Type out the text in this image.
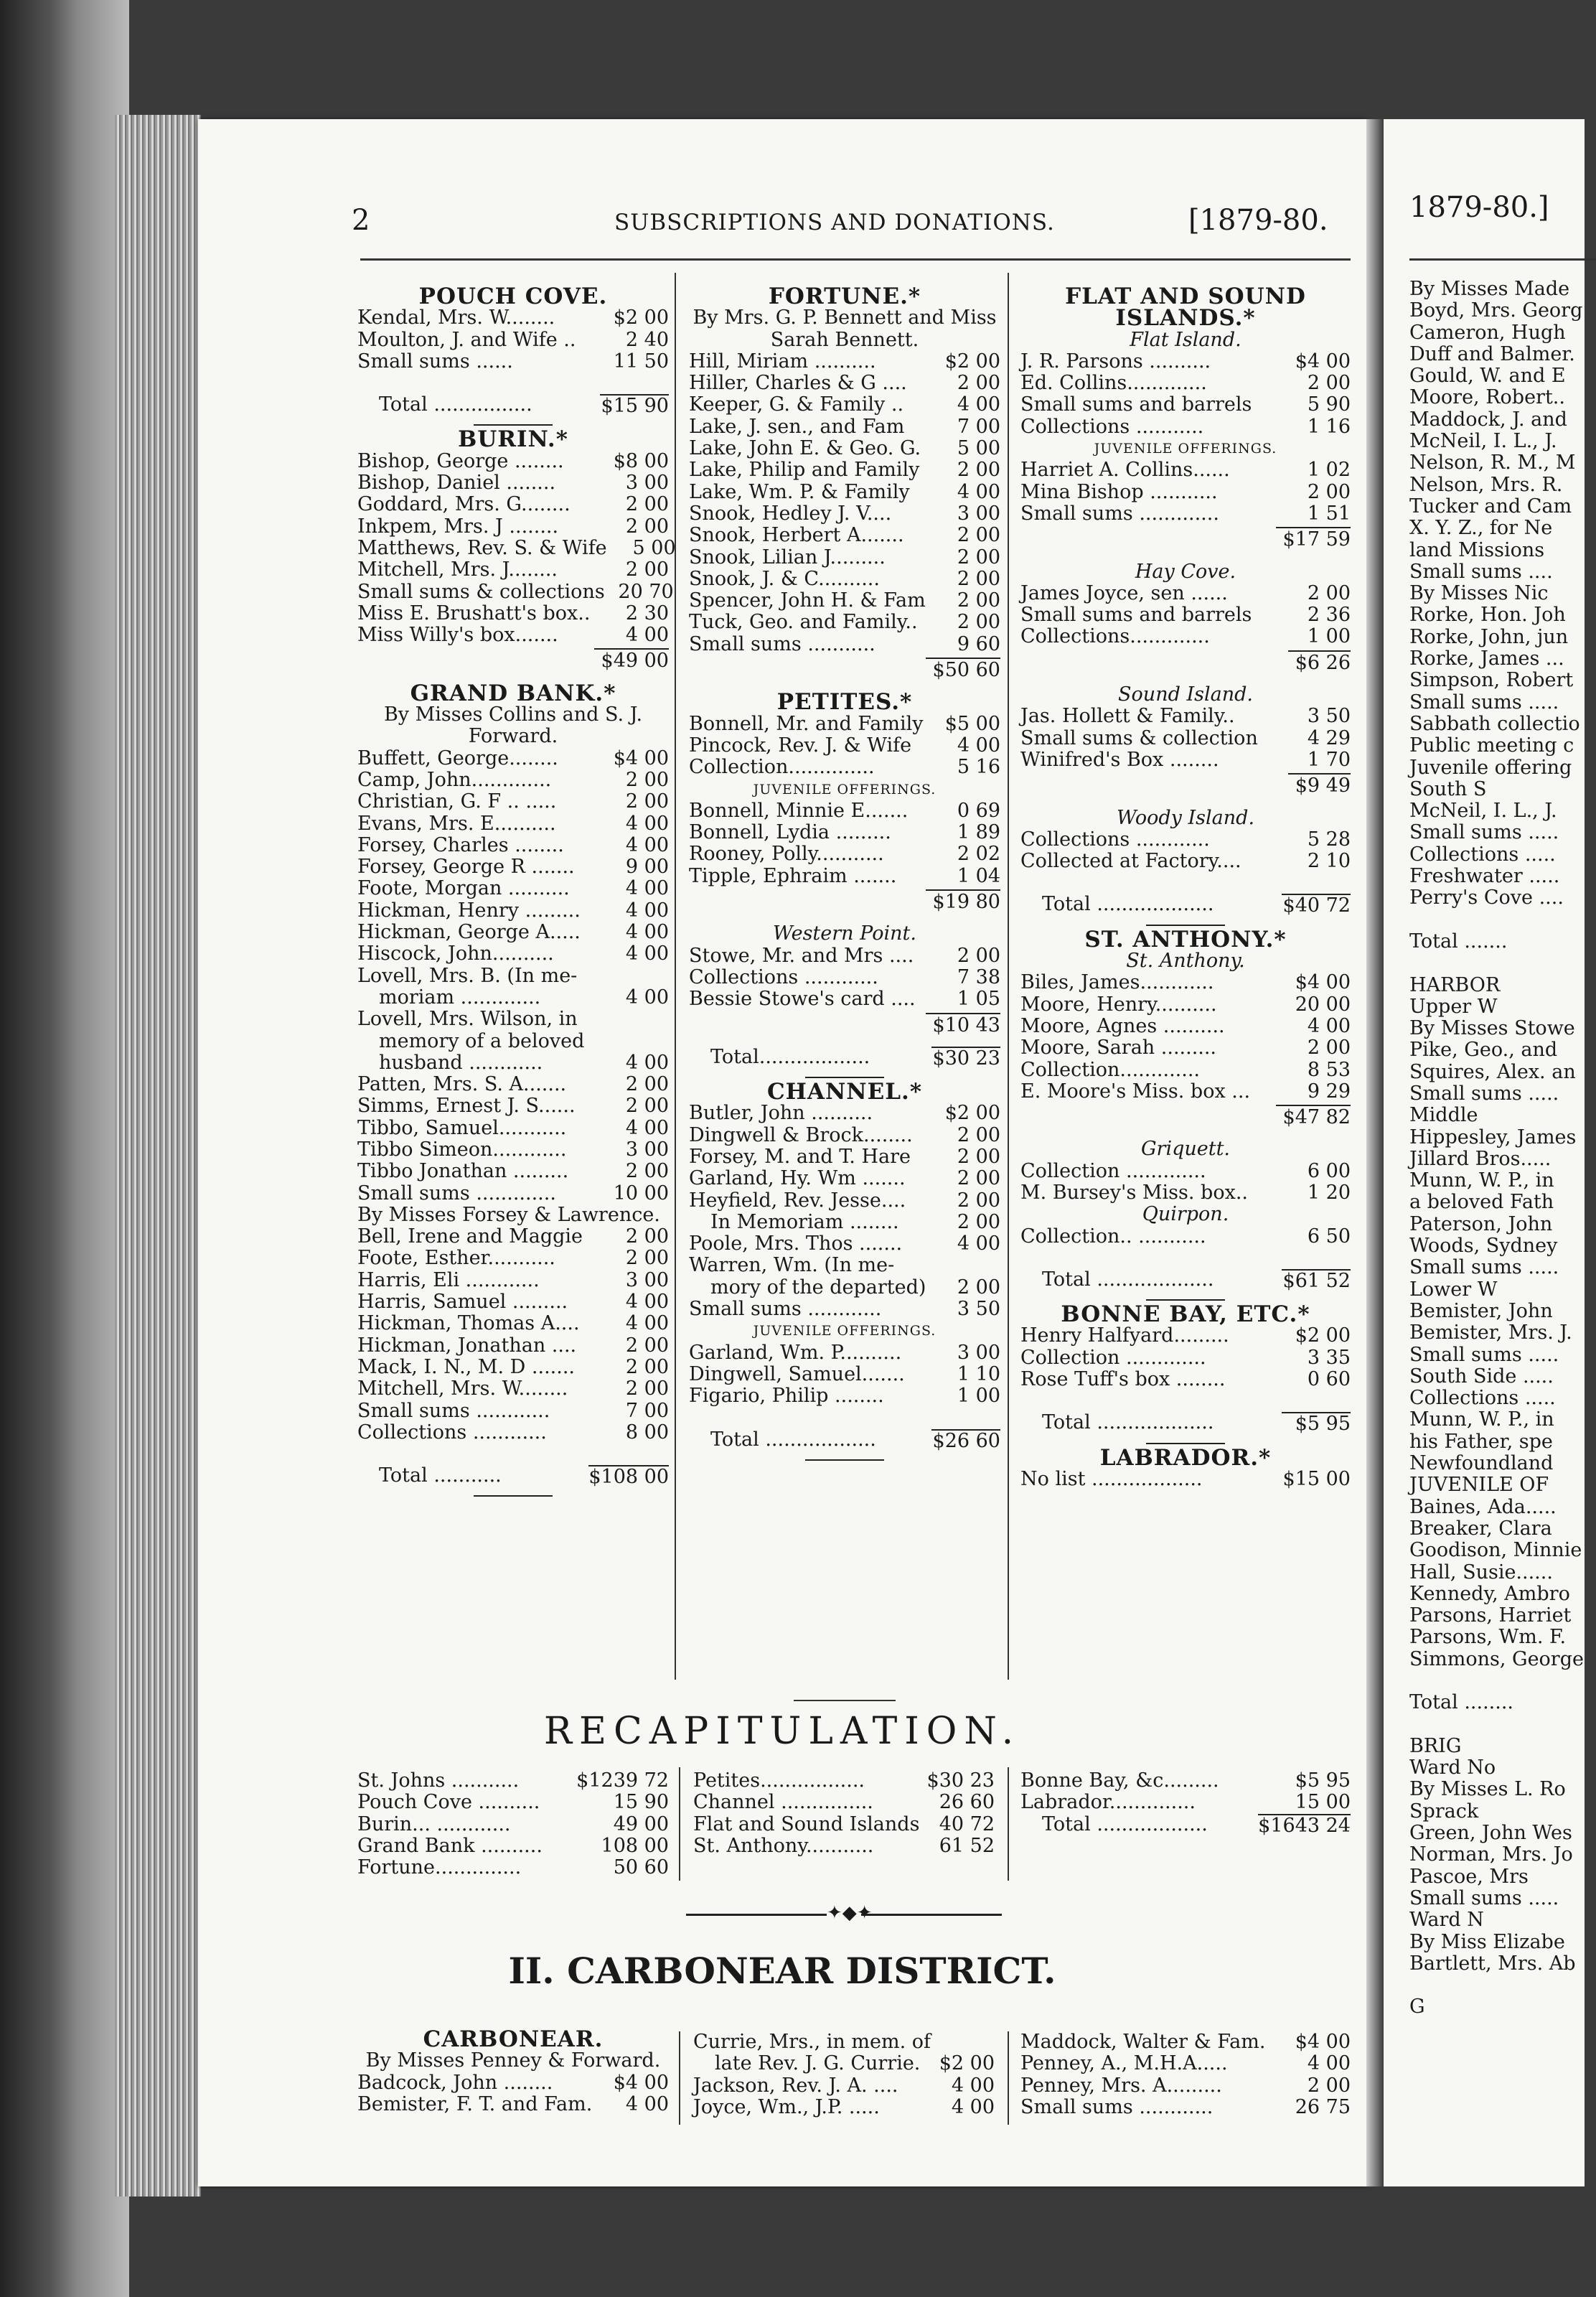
2	SUBSCRIPTIONS AND DONATIONS.	[1879-80.
POUCH COVE.
Kendal, Mrs. W........	$2 00
Moulton, J. and Wife ..	2 40
Small sums ......	11 50
Total ................	$15 90
BURIN.*
Bishop, George ........	$8 00
Bishop, Daniel ........	3 00
Goddard, Mrs. G........	2 00
Inkpem, Mrs. J ........	2 00
Matthews, Rev. S. & Wife	5 00
Mitchell, Mrs. J........	2 00
Small sums & collections 20 70
Miss E. Brushatt's box..	2 30
Miss Willy's box.......	4 00
$49 00
GRAND BANK.*
By Misses Collins and S. J. Forward.
Buffett, George........	$4 00
Camp, John.............	2 00
Christian, G. F .. .....	2 00
Evans, Mrs. E..........	4 00
Forsey, Charles ........	4 00
Forsey, George R .......	9 00
Foote, Morgan ..........	4 00
Hickman, Henry .........	4 00
Hickman, George A.....	4 00
Hiscock, John..........	4 00
Lovell, Mrs. B. (In me-
moriam .............	4 00
Lovell, Mrs. Wilson, in
memory of a beloved
husband ............	4 00
Patten, Mrs. S. A.......	2 00
Simms, Ernest J. S......	2 00
Tibbo, Samuel...........	4 00
Tibbo Simeon............	3 00
Tibbo Jonathan .........	2 00
Small sums .............	10 00
By Misses Forsey & Lawrence.
Bell, Irene and Maggie	2 00
Foote, Esther...........	2 00
Harris, Eli ............	3 00
Harris, Samuel .........	4 00
Hickman, Thomas A....	4 00
Hickman, Jonathan ....	2 00
Mack, I. N., M. D .......	2 00
Mitchell, Mrs. W........	2 00
Small sums ............	7 00
Collections ............	8 00
Total ...........	$108 00
FORTUNE.*
By Mrs. G. P. Bennett and Miss Sarah Bennett.
Hill, Miriam ..........	$2 00
Hiller, Charles & G ....	2 00
Keeper, G. & Family ..	4 00
Lake, J. sen., and Fam	7 00
Lake, John E. & Geo. G.	5 00
Lake, Philip and Family	2 00
Lake, Wm. P. & Family	4 00
Snook, Hedley J. V....	3 00
Snook, Herbert A.......	2 00
Snook, Lilian J.........	2 00
Snook, J. & C..........	2 00
Spencer, John H. & Fam	2 00
Tuck, Geo. and Family..	2 00
Small sums ...........	9 60
$50 60
PETITES.*
Bonnell, Mr. and Family	$5 00
Pincock, Rev. J. & Wife	4 00
Collection..............	5 16
JUVENILE OFFERINGS.
Bonnell, Minnie E.......	0 69
Bonnell, Lydia .........	1 89
Rooney, Polly...........	2 02
Tipple, Ephraim .......	1 04
$19 80
Western Point.
Stowe, Mr. and Mrs ....	2 00
Collections ............	7 38
Bessie Stowe's card ....	1 05
$10 43
Total..................	$30 23
CHANNEL.*
Butler, John ..........	$2 00
Dingwell & Brock........	2 00
Forsey, M. and T. Hare	2 00
Garland, Hy. Wm .......	2 00
Heyfield, Rev. Jesse....	2 00
In Memoriam ........	2 00
Poole, Mrs. Thos .......	4 00
Warren, Wm. (In me-
mory of the departed)	2 00
Small sums ............	3 50
JUVENILE OFFERINGS.
Garland, Wm. P..........	3 00
Dingwell, Samuel.......	1 10
Figario, Philip ........	1 00
Total ..................	$26 60
FLAT AND SOUND ISLANDS.*
Flat Island.
J. R. Parsons ..........	$4 00
Ed. Collins.............	2 00
Small sums and barrels	5 90
Collections ...........	1 16
JUVENILE OFFERINGS.
Harriet A. Collins......	1 02
Mina Bishop ...........	2 00
Small sums .............	1 51
$17 59
Hay Cove.
James Joyce, sen ......	2 00
Small sums and barrels	2 36
Collections.............	1 00
$6 26
Sound Island.
Jas. Hollett & Family..	3 50
Small sums & collection	4 29
Winifred's Box ........	1 70
$9 49
Woody Island.
Collections ............	5 28
Collected at Factory....	2 10
Total ...................	$40 72
ST. ANTHONY.*
St. Anthony.
Biles, James............	$4 00
Moore, Henry..........	20 00
Moore, Agnes ..........	4 00
Moore, Sarah .........	2 00
Collection.............	8 53
E. Moore's Miss. box ...	9 29
$47 82
Griquett.
Collection .............	6 00
M. Bursey's Miss. box..	1 20
Quirpon.
Collection.. ...........	6 50
Total ...................	$61 52
BONNE BAY, ETC.*
Henry Halfyard.........	$2 00
Collection .............	3 35
Rose Tuff's box ........	0 60
Total ...................	$5 95
LABRADOR.*
No list ..................	$15 00
RECAPITULATION.
St. Johns ...........	$1239 72
Pouch Cove ..........	15 90
Burin... ............	49 00
Grand Bank ..........	108 00
Fortune..............	50 60
Petites.................	$30 23
Channel ...............	26 60
Flat and Sound Islands	40 72
St. Anthony...........	61 52
Bonne Bay, &c.........	$5 95
Labrador..............	15 00
Total ..................	$1643 24
✦◆✦
II. CARBONEAR DISTRICT.
CARBONEAR.
By Misses Penney & Forward.
Badcock, John ........	$4 00
Bemister, F. T. and Fam.	4 00
Currie, Mrs., in mem. of
late Rev. J. G. Currie. $2 00
Jackson, Rev. J. A. ....	4 00
Joyce, Wm., J.P. .....	4 00
Maddock, Walter & Fam.	$4 00
Penney, A., M.H.A.....	4 00
Penney, Mrs. A.........	2 00
Small sums ............	26 75
1879-80.]
By Misses Made
Boyd, Mrs. Georg
Cameron, Hugh
Duff and Balmer.
Gould, W. and E
Moore, Robert..
Maddock, J. and
McNeil, I. L., J.
Nelson, R. M., M
Nelson, Mrs. R.
Tucker and Cam
X. Y. Z., for Ne
land Missions
Small sums ....
By Misses Nic
Rorke, Hon. Joh
Rorke, John, jun
Rorke, James ...
Simpson, Robert
Small sums .....
Sabbath collectio
Public meeting c
Juvenile offering
South S
McNeil, I. L., J.
Small sums .....
Collections .....
Freshwater .....
Perry's Cove ....

Total .......

HARBOR
Upper W
By Misses Stowe
Pike, Geo., and
Squires, Alex. an
Small sums .....
Middle
Hippesley, James
Jillard Bros.....
Munn, W. P., in
a beloved Fath
Paterson, John
Woods, Sydney
Small sums .....
Lower W
Bemister, John
Bemister, Mrs. J.
Small sums .....
South Side .....
Collections .....
Munn, W. P., in
his Father, spe
Newfoundland
JUVENILE OF
Baines, Ada.....
Breaker, Clara
Goodison, Minnie
Hall, Susie......
Kennedy, Ambro
Parsons, Harriet
Parsons, Wm. F.
Simmons, George

Total ........

BRIG
Ward No
By Misses L. Ro
Sprack
Green, John Wes
Norman, Mrs. Jo
Pascoe, Mrs
Small sums .....
Ward N
By Miss Elizabe
Bartlett, Mrs. Ab

G
